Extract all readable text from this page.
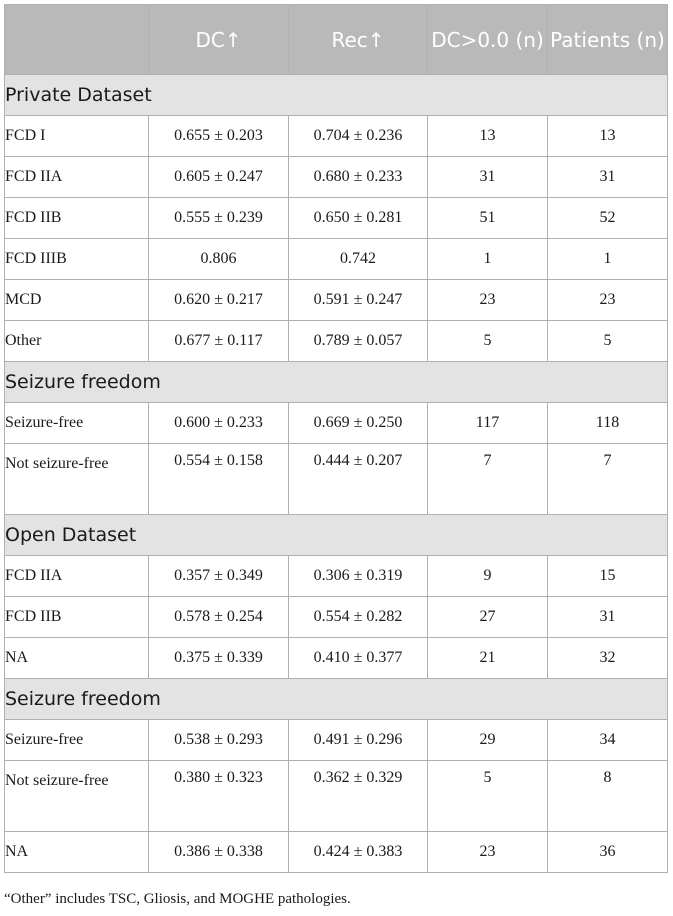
	DC↑	Rec↑	DC>0.0 (n)	Patients (n)
Private Dataset				
FCD I	0.655 ± 0.203	0.704 ± 0.236	13	13
FCD IIA	0.605 ± 0.247	0.680 ± 0.233	31	31
FCD IIB	0.555 ± 0.239	0.650 ± 0.281	51	52
FCD IIIB	0.806	0.742	1	1
MCD	0.620 ± 0.217	0.591 ± 0.247	23	23
Other	0.677 ± 0.117	0.789 ± 0.057	5	5
Seizure freedom				
Seizure-free	0.600 ± 0.233	0.669 ± 0.250	117	118
Not seizure-free	0.554 ± 0.158	0.444 ± 0.207	7	7
Open Dataset				
FCD IIA	0.357 ± 0.349	0.306 ± 0.319	9	15
FCD IIB	0.578 ± 0.254	0.554 ± 0.282	27	31
NA	0.375 ± 0.339	0.410 ± 0.377	21	32
Seizure freedom				
Seizure-free	0.538 ± 0.293	0.491 ± 0.296	29	34
Not seizure-free	0.380 ± 0.323	0.362 ± 0.329	5	8
NA	0.386 ± 0.338	0.424 ± 0.383	23	36
“Other” includes TSC, Gliosis, and MOGHE pathologies.
